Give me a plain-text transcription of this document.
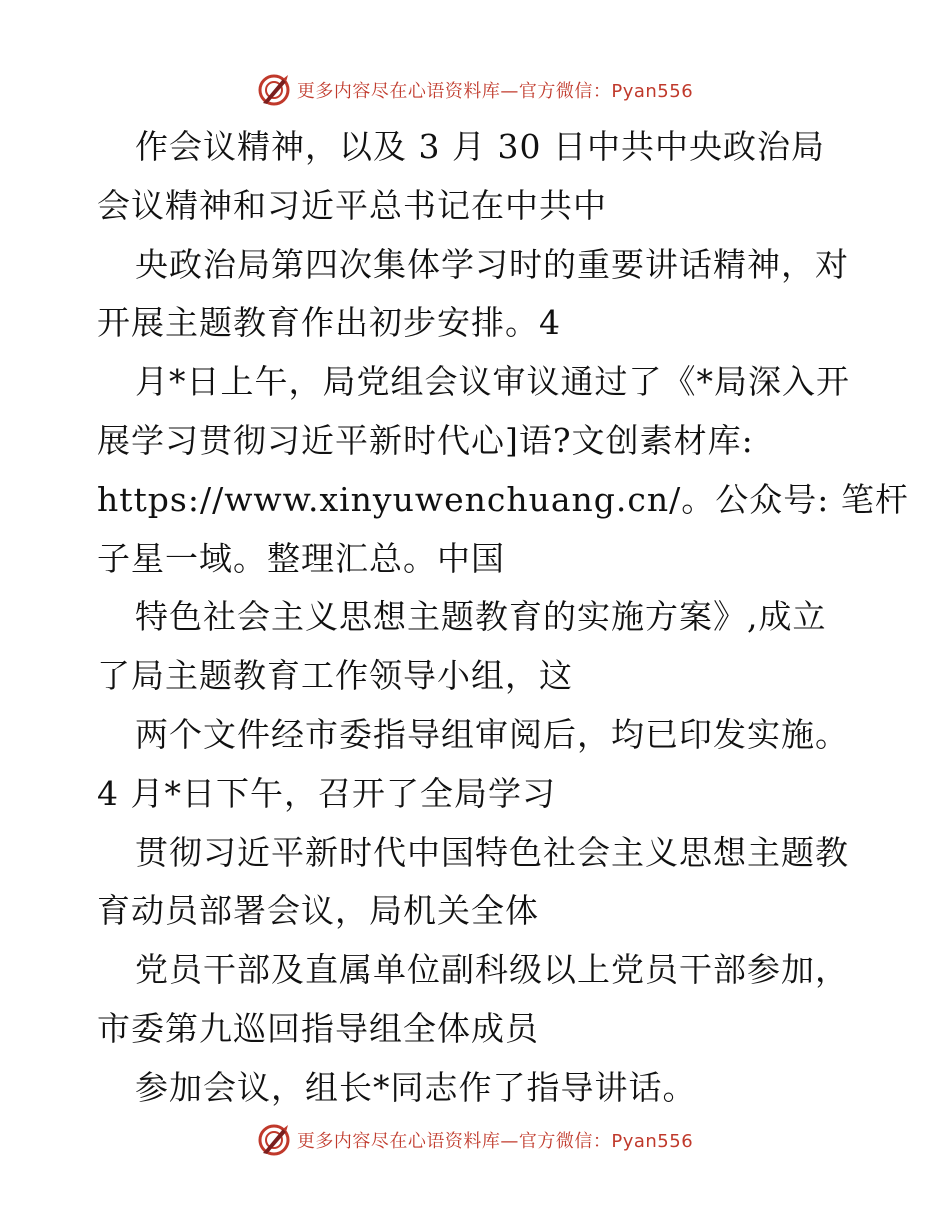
更多内容尽在心语资料库—官方微信：Pyan556
作会议精神，以及 3 月 30 日中共中央政治局
会议精神和习近平总书记在中共中
央政治局第四次集体学习时的重要讲话精神，对
开展主题教育作出初步安排。4
月*日上午，局党组会议审议通过了《*局深入开
展学习贯彻习近平新时代心]语?文创素材库:
https://www.xinyuwenchuang.cn/。公众号: 笔杆
子星一域。整理汇总。中国
特色社会主义思想主题教育的实施方案》,成立
了局主题教育工作领导小组，这
两个文件经市委指导组审阅后，均已印发实施。
4 月*日下午，召开了全局学习
贯彻习近平新时代中国特色社会主义思想主题教
育动员部署会议，局机关全体
党员干部及直属单位副科级以上党员干部参加，
市委第九巡回指导组全体成员
参加会议，组长*同志作了指导讲话。
更多内容尽在心语资料库—官方微信：Pyan556
